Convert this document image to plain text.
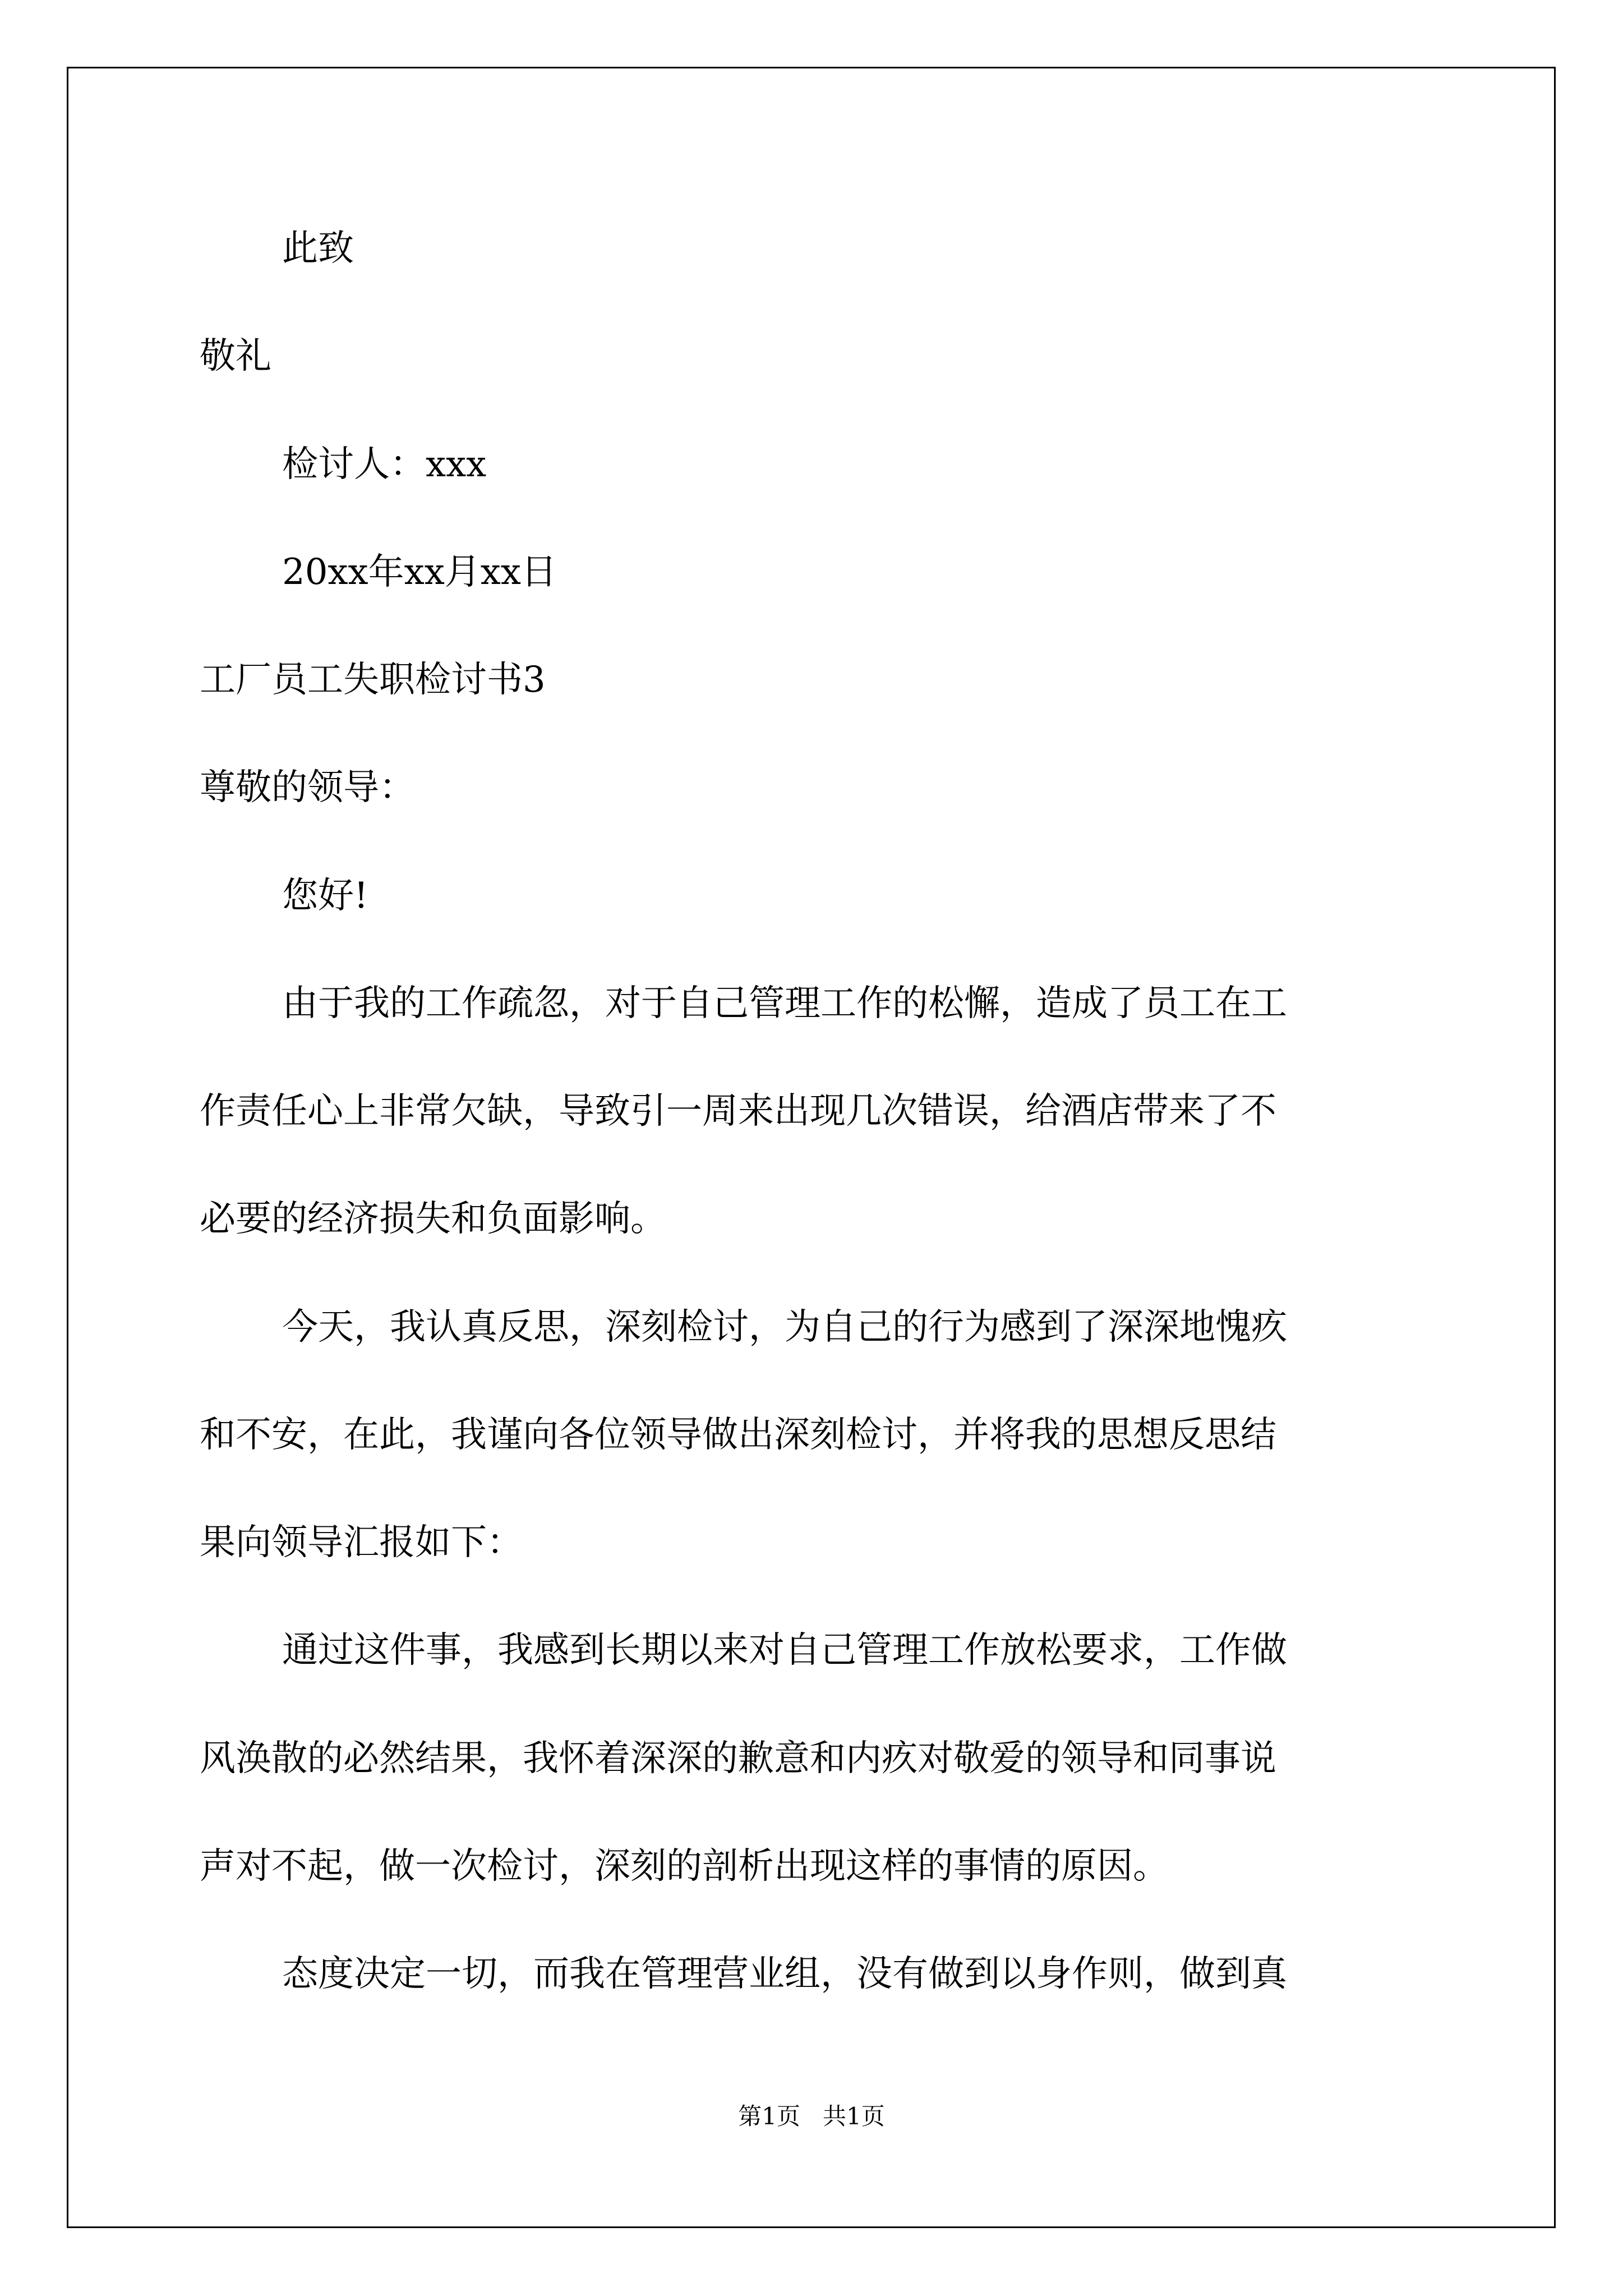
此致
敬礼
检讨人：xxx
20xx年xx月xx日
工厂员工失职检讨书3
尊敬的领导：
您好!
由于我的工作疏忽，对于自己管理工作的松懈，造成了员工在工
作责任心上非常欠缺，导致引一周来出现几次错误，给酒店带来了不
必要的经济损失和负面影响。
今天，我认真反思，深刻检讨，为自己的行为感到了深深地愧疚
和不安，在此，我谨向各位领导做出深刻检讨，并将我的思想反思结
果向领导汇报如下：
通过这件事，我感到长期以来对自己管理工作放松要求，工作做
风涣散的必然结果，我怀着深深的歉意和内疚对敬爱的领导和同事说
声对不起，做一次检讨，深刻的剖析出现这样的事情的原因。
态度决定一切，而我在管理营业组，没有做到以身作则，做到真
第1页   共1页
